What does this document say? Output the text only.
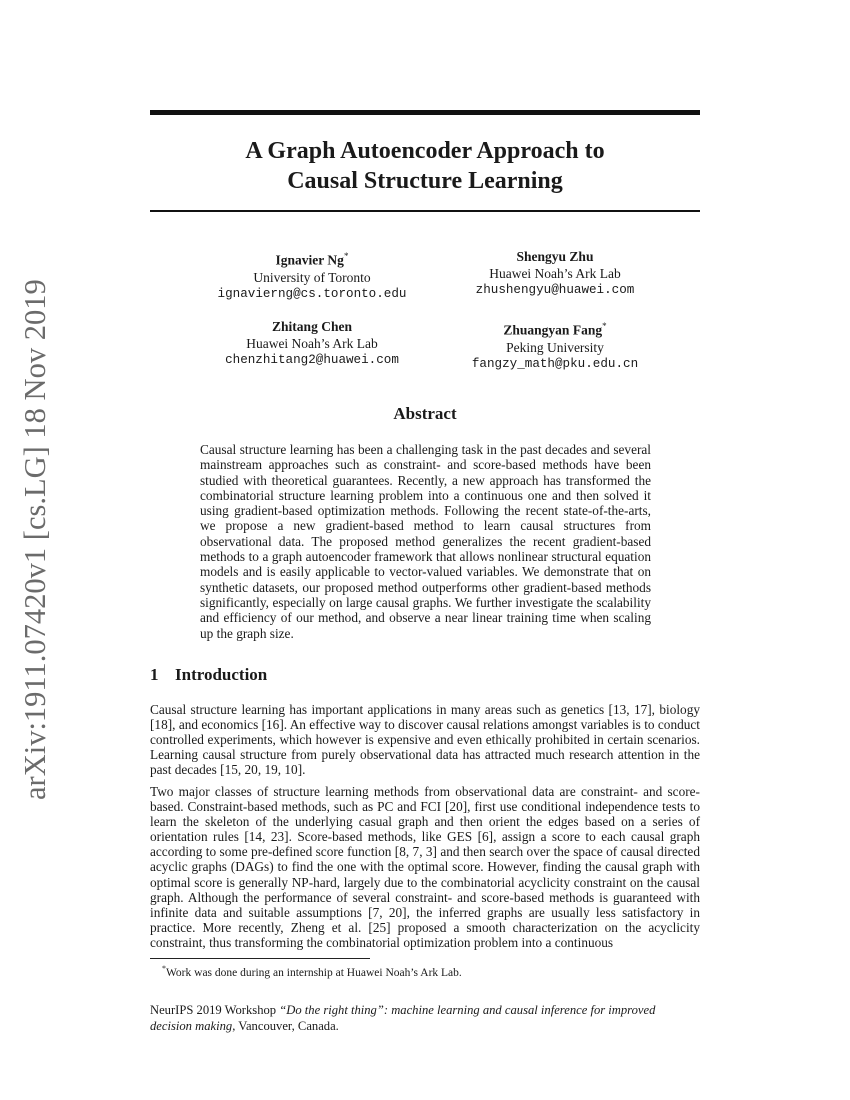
arXiv:1911.07420v1 [cs.LG] 18 Nov 2019
A Graph Autoencoder Approach to
Causal Structure Learning
Ignavier Ng*
University of Toronto
ignavierng@cs.toronto.edu
Shengyu Zhu
Huawei Noah’s Ark Lab
zhushengyu@huawei.com
Zhitang Chen
Huawei Noah’s Ark Lab
chenzhitang2@huawei.com
Zhuangyan Fang*
Peking University
fangzy_math@pku.edu.cn
Abstract
Causal structure learning has been a challenging task in the past decades and several mainstream approaches such as constraint- and score-based methods have been studied with theoretical guarantees. Recently, a new approach has transformed the combinatorial structure learning problem into a continuous one and then solved it using gradient-based optimization methods. Following the recent state-of-the-arts, we propose a new gradient-based method to learn causal structures from observational data. The proposed method generalizes the recent gradient-based methods to a graph autoencoder framework that allows nonlinear structural equation models and is easily applicable to vector-valued variables. We demonstrate that on synthetic datasets, our proposed method outperforms other gradient-based methods significantly, especially on large causal graphs. We further investigate the scalability and efficiency of our method, and observe a near linear training time when scaling up the graph size.
1 Introduction
Causal structure learning has important applications in many areas such as genetics [13, 17], biology [18], and economics [16]. An effective way to discover causal relations amongst variables is to conduct controlled experiments, which however is expensive and even ethically prohibited in certain scenarios. Learning causal structure from purely observational data has attracted much research attention in the past decades [15, 20, 19, 10].
Two major classes of structure learning methods from observational data are constraint- and score-based. Constraint-based methods, such as PC and FCI [20], first use conditional independence tests to learn the skeleton of the underlying casual graph and then orient the edges based on a series of orientation rules [14, 23]. Score-based methods, like GES [6], assign a score to each causal graph according to some pre-defined score function [8, 7, 3] and then search over the space of causal directed acyclic graphs (DAGs) to find the one with the optimal score. However, finding the causal graph with optimal score is generally NP-hard, largely due to the combinatorial acyclicity constraint on the causal graph. Although the performance of several constraint- and score-based methods is guaranteed with infinite data and suitable assumptions [7, 20], the inferred graphs are usually less satisfactory in practice. More recently, Zheng et al. [25] proposed a smooth characterization on the acyclicity constraint, thus transforming the combinatorial optimization problem into a continuous
*Work was done during an internship at Huawei Noah’s Ark Lab.
NeurIPS 2019 Workshop “Do the right thing”: machine learning and causal inference for improved decision making, Vancouver, Canada.
